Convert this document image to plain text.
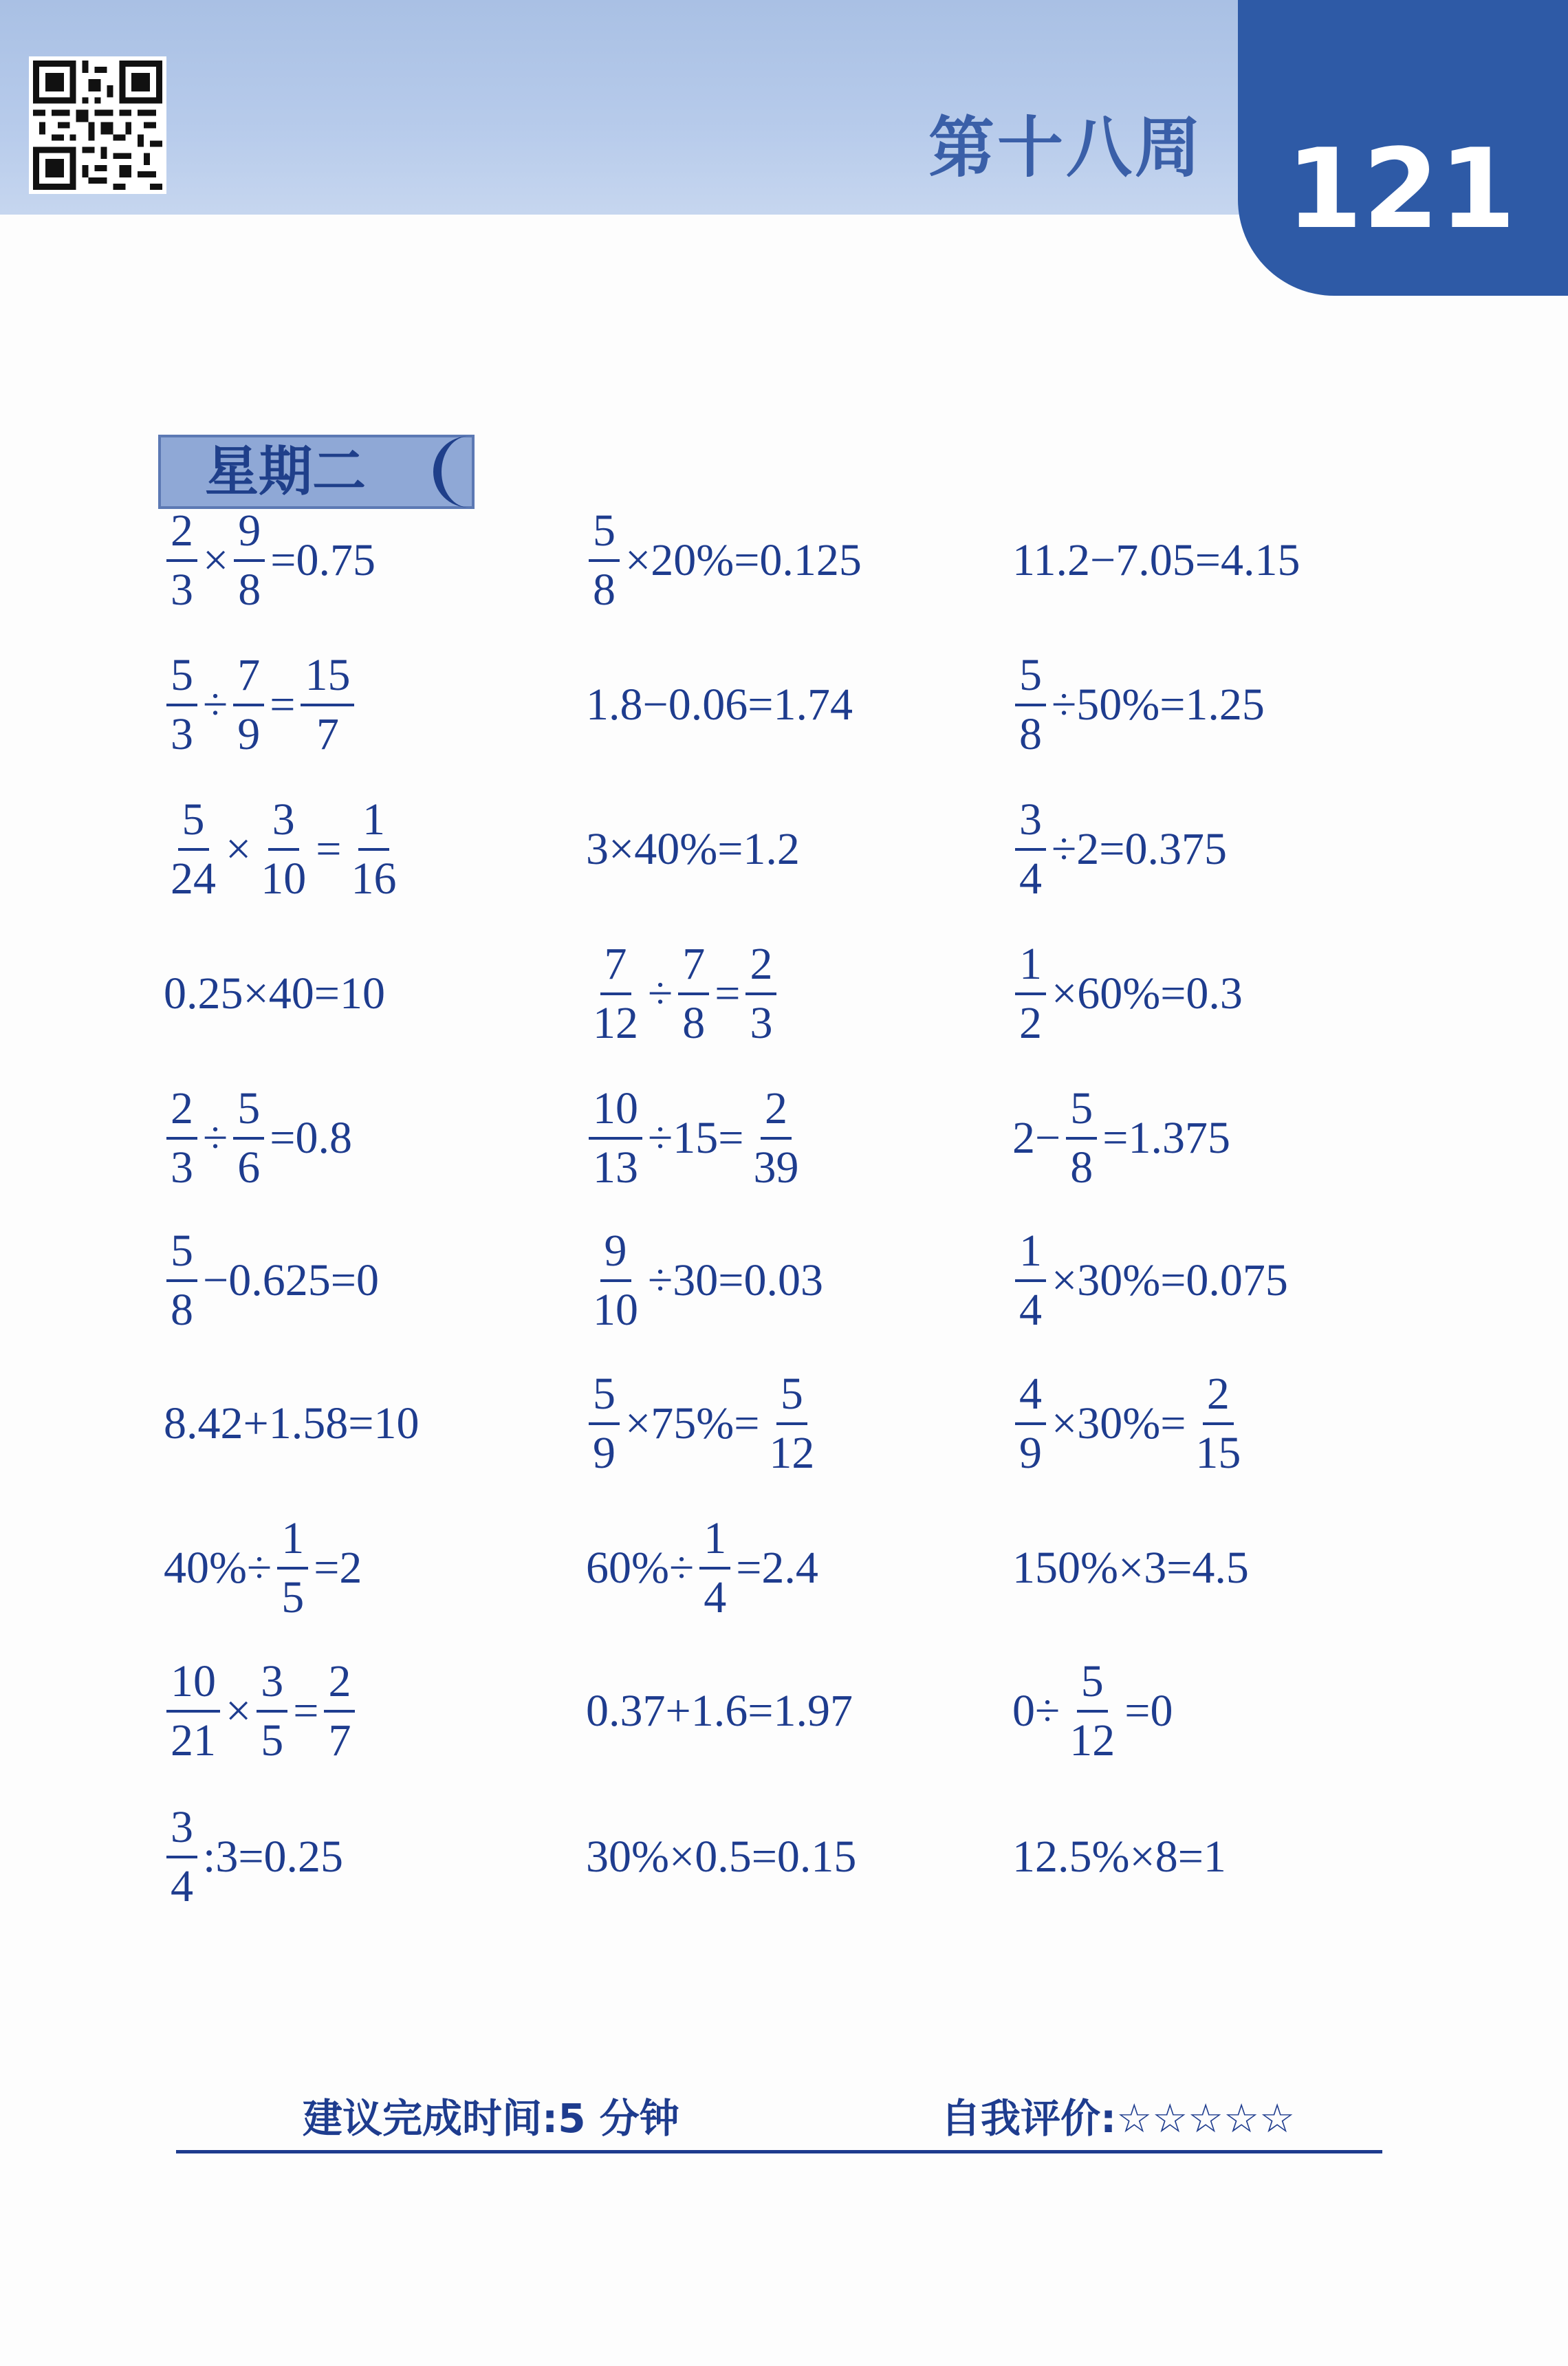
第十八周 121
星期二
$\frac{2}{3} \times \frac{9}{8} =0.75$
$\frac{5}{3} \div \frac{7}{9} = \frac{15}{7}$
$\frac{5}{24} \times \frac{3}{10} = \frac{1}{16}$
0.25×40=10
$\frac{2}{3} \div \frac{5}{6} =0.8$
$\frac{5}{8} -0.625=0$
8.42+1.58=10
$40\%\div \frac{1}{5} =2$
$\frac{10}{21} \times \frac{3}{5} = \frac{2}{7}$
$\frac{3}{4}$ :3=0.25
$\frac{5}{8} \times 20\%=0.125$
1.8−0.06=1.74
3×40%=1.2
$\frac{7}{12} \div \frac{7}{8} = \frac{2}{3}$
$\frac{10}{13} \div 15= \frac{2}{39}$
$\frac{9}{10} \div 30=0.03$
$\frac{5}{9} \times 75\%= \frac{5}{12}$
$60\%\div \frac{1}{4} =2.4$
0.37+1.6=1.97
30%×0.5=0.15
11.2−7.05=4.15
$\frac{5}{8} \div 50\%=1.25$
$\frac{3}{4} \div 2=0.375$
$\frac{1}{2} \times 60\%=0.3$
$2- \frac{5}{8} =1.375$
$\frac{1}{4} \times 30\%=0.075$
$\frac{4}{9} \times 30\%= \frac{2}{15}$
150%×3=4.5
$0\div \frac{5}{12} =0$
12.5%×8=1
建议完成时间:5 分钟	自我评价:☆☆☆☆☆
